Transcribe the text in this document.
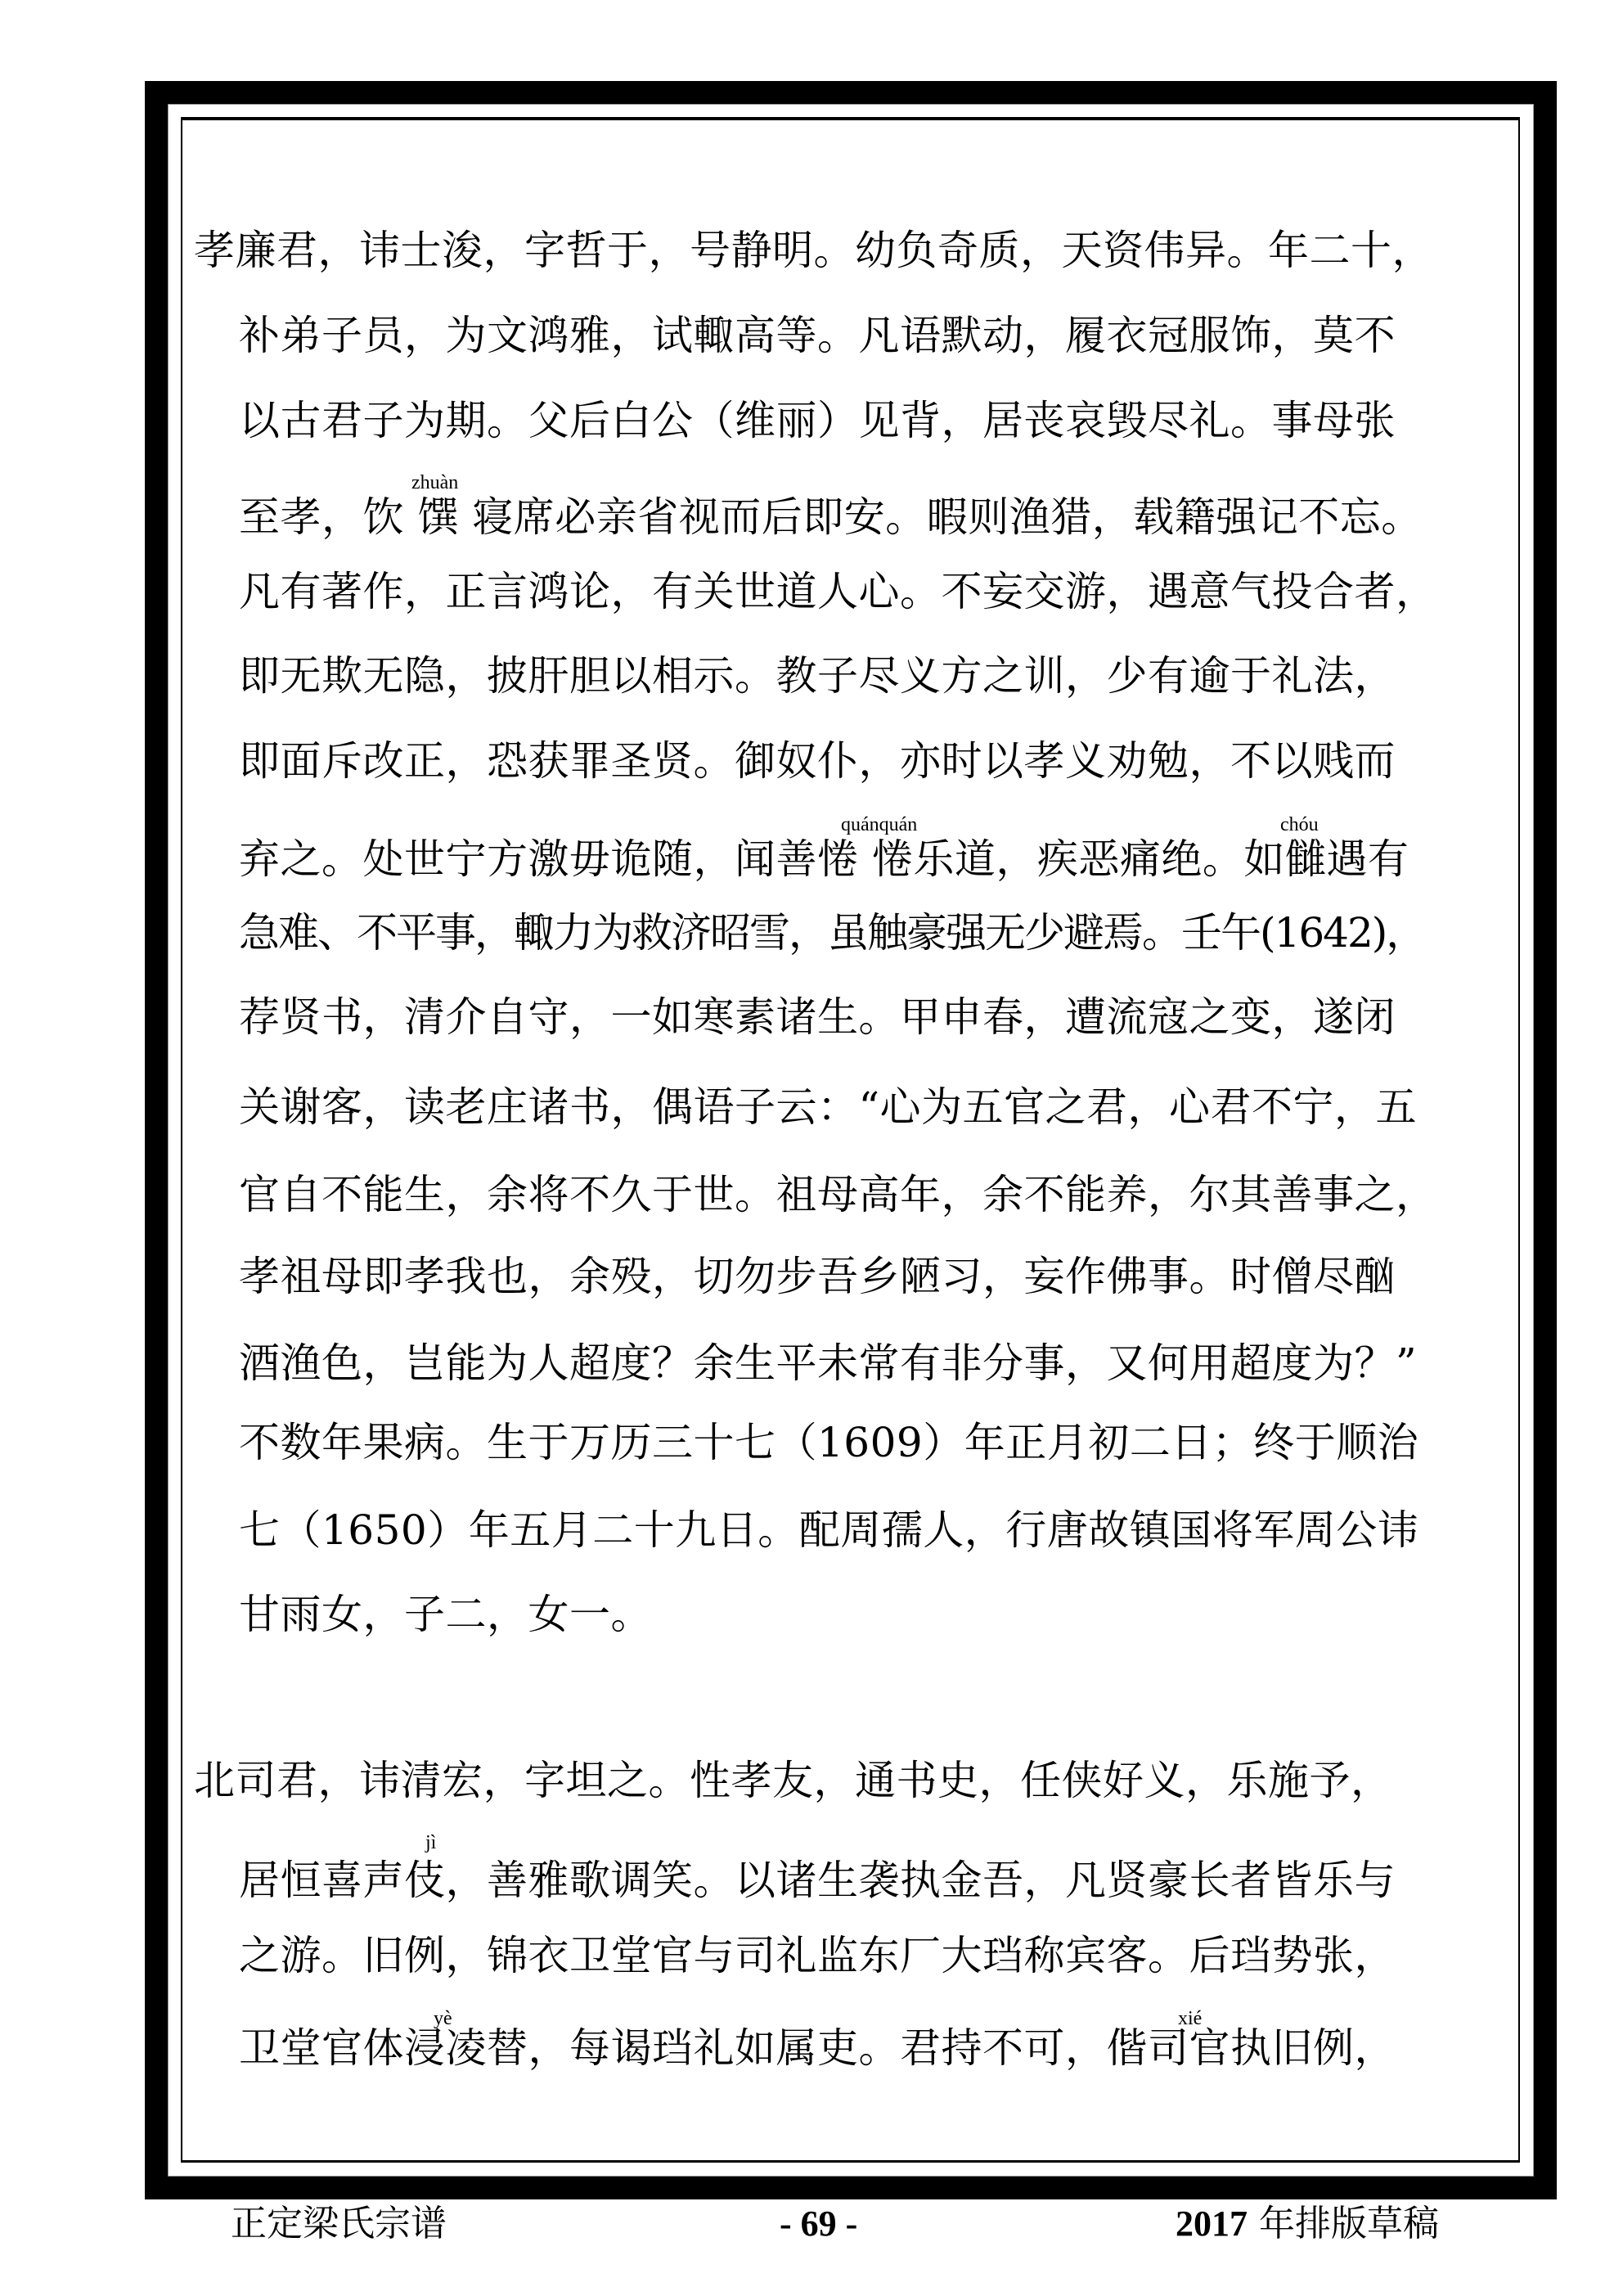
孝廉君，讳士浚，字哲于，号静明。幼负奇质，天资伟异。年二十，
补弟子员，为文鸿雅，试輙高等。凡语默动，履衣冠服饰，莫不
以古君子为期。父后白公（维丽）见背，居丧哀毁尽礼。事母张
zhuàn
至孝，饮 馔 寝席必亲省视而后即安。暇则渔猎，载籍强记不忘。
凡有著作，正言鸿论，有关世道人心。不妄交游，遇意气投合者，
即无欺无隐，披肝胆以相示。教子尽义方之训，少有逾于礼法，
即面斥改正，恐获罪圣贤。御奴仆，亦时以孝义劝勉，不以贱而
quánquán	chóu
弃之。处世宁方激毋诡随，闻善惓 惓乐道，疾恶痛绝。如雠遇有
急难、不平事，輙力为救济昭雪，虽触豪强无少避焉。壬午(1642)，
荐贤书，清介自守，一如寒素诸生。甲申春，遭流寇之变，遂闭
关谢客，读老庄诸书，偶语子云：“心为五官之君，心君不宁，五
官自不能生，余将不久于世。祖母高年，余不能养，尔其善事之，
孝祖母即孝我也，余殁，切勿步吾乡陋习，妄作佛事。时僧尽酗
酒渔色，岂能为人超度？余生平未常有非分事，又何用超度为？”
不数年果病。生于万历三十七（1609）年正月初二日；终于顺治
七（1650）年五月二十九日。配周孺人，行唐故镇国将军周公讳
甘雨女，子二，女一。
北司君，讳清宏，字坦之。性孝友，通书史，任侠好义，乐施予，
jì
居恒喜声伎，善雅歌调笑。以诸生袭执金吾，凡贤豪长者皆乐与
之游。旧例，锦衣卫堂官与司礼监东厂大珰称宾客。后珰势张，
yè	xié
卫堂官体浸凌替，每谒珰礼如属吏。君持不可，偕司官执旧例，
正定梁氏宗谱	- 69 -	2017 年排版草稿
